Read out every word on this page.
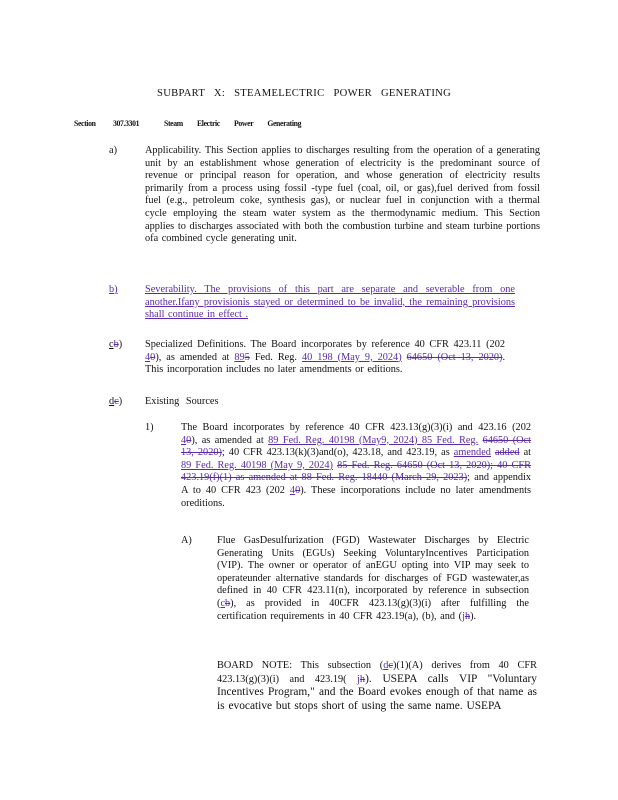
SUBPART X: STEAMELECTRIC POWER GENERATING
Section 307.3301	Steam Electric Power Generating
a)	Applicability. This Section applies to discharges resulting from the operation of a generating unit by an establishment whose generation of electricity is the predominant source of revenue or principal reason for operation, and whose generation of electricity results primarily from a process using fossil -type fuel (coal, oil, or gas),fuel derived from fossil fuel (e.g., petroleum coke, synthesis gas), or nuclear fuel in conjunction with a thermal cycle employing the steam water system as the thermodynamic medium. This Section applies to discharges associated with both the combustion turbine and steam turbine portions ofa combined cycle generating unit.
b)	Severability. The provisions of this part are separate and severable from one another.Ifany provisionis stayed or determined to be invalid, the remaining provisions shall continue in effect .
cb) Specialized Definitions. The Board incorporates by reference 40 CFR 423.11 (202 40), as amended at 895 Fed. Reg. 40 198 (May 9, 2024) 64650 (Oct 13, 2020). This incorporation includes no later amendments or editions.
dc) Existing Sources
1)	The Board incorporates by reference 40 CFR 423.13(g)(3)(i) and 423.16 (202 40), as amended at 89 Fed. Reg. 40198 (May9, 2024) 85 Fed. Reg. 64650 (Oct 13, 2020); 40 CFR 423.13(k)(3)and(o), 423.18, and 423.19, as amended added at 89 Fed. Reg. 40198 (May 9, 2024) 85 Fed. Reg. 64650 (Oct 13, 2020); 40 CFR 423.19(f)(1) as amended at 88 Fed. Reg. 18440 (March 29, 2023); and appendix A to 40 CFR 423 (202 40). These incorporations include no later amendments oreditions.
A) Flue GasDesulfurization (FGD) Wastewater Discharges by Electric Generating Units (EGUs) Seeking VoluntaryIncentives Participation (VIP). The owner or operator of anEGU opting into VIP may seek to operateunder alternative standards for discharges of FGD wastewater,as defined in 40 CFR 423.11(n), incorporated by reference in subsection (cb), as provided in 40CFR 423.13(g)(3)(i) after fulfilling the certification requirements in 40 CFR 423.19(a), (b), and (jh).
BOARD NOTE: This subsection (dc)(1)(A) derives from 40 CFR 423.13(g)(3)(i) and 423.19( jh). USEPA calls VIP "Voluntary Incentives Program," and the Board evokes enough of that name as is evocative but stops short of using the same name. USEPA
